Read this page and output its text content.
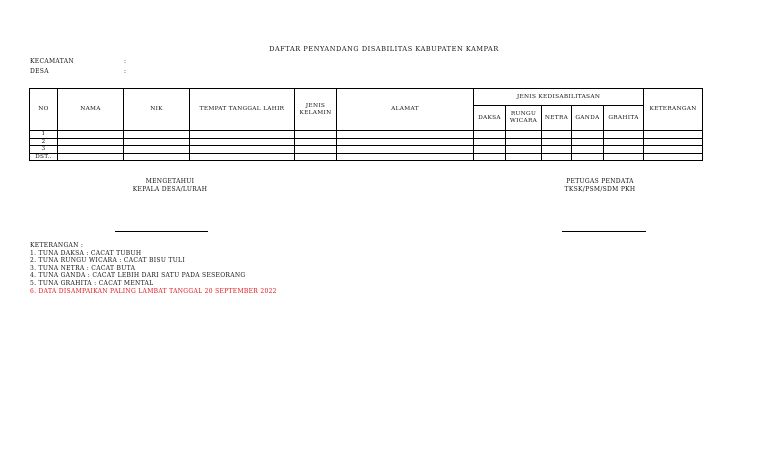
DAFTAR PENYANDANG DISABILITAS KABUPATEN KAMPAR
KECAMATAN	:
DESA	:
NO	NAMA	NIK	TEMPAT TANGGAL LAHIR	JENIS KELAMIN	ALAMAT	JENIS KEDISABILITASAN					KETERANGAN
						DAKSA	RUNGU WICARA	NETRA	GANDA	GRAHITA	
1											
2											
3											
DST..											
MENGETAHUI
KEPALA DESA/LURAH
PETUGAS PENDATA
TKSK/PSM/SDM PKH
KETERANGAN :
1. TUNA DAKSA : CACAT TUBUH
2. TUNA RUNGU WICARA : CACAT BISU TULI
3. TUNA NETRA : CACAT BUTA
4. TUNA GANDA : CACAT LEBIH DARI SATU PADA SESEORANG
5. TUNA GRAHITA : CACAT MENTAL
6. DATA DISAMPAIKAN PALING LAMBAT TANGGAL 20 SEPTEMBER 2022
